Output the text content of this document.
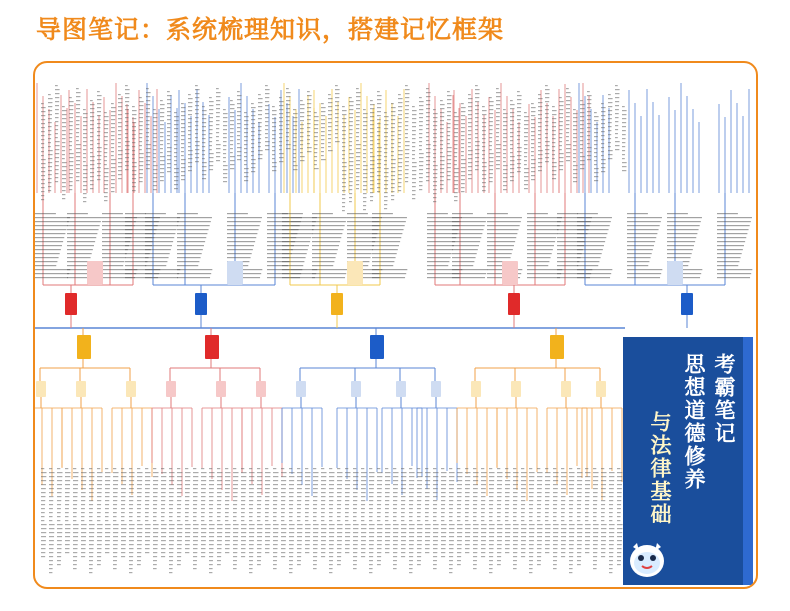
导图笔记：系统梳理知识，搭建记忆框架
考霸笔记
思想道德修养
与法律基础
